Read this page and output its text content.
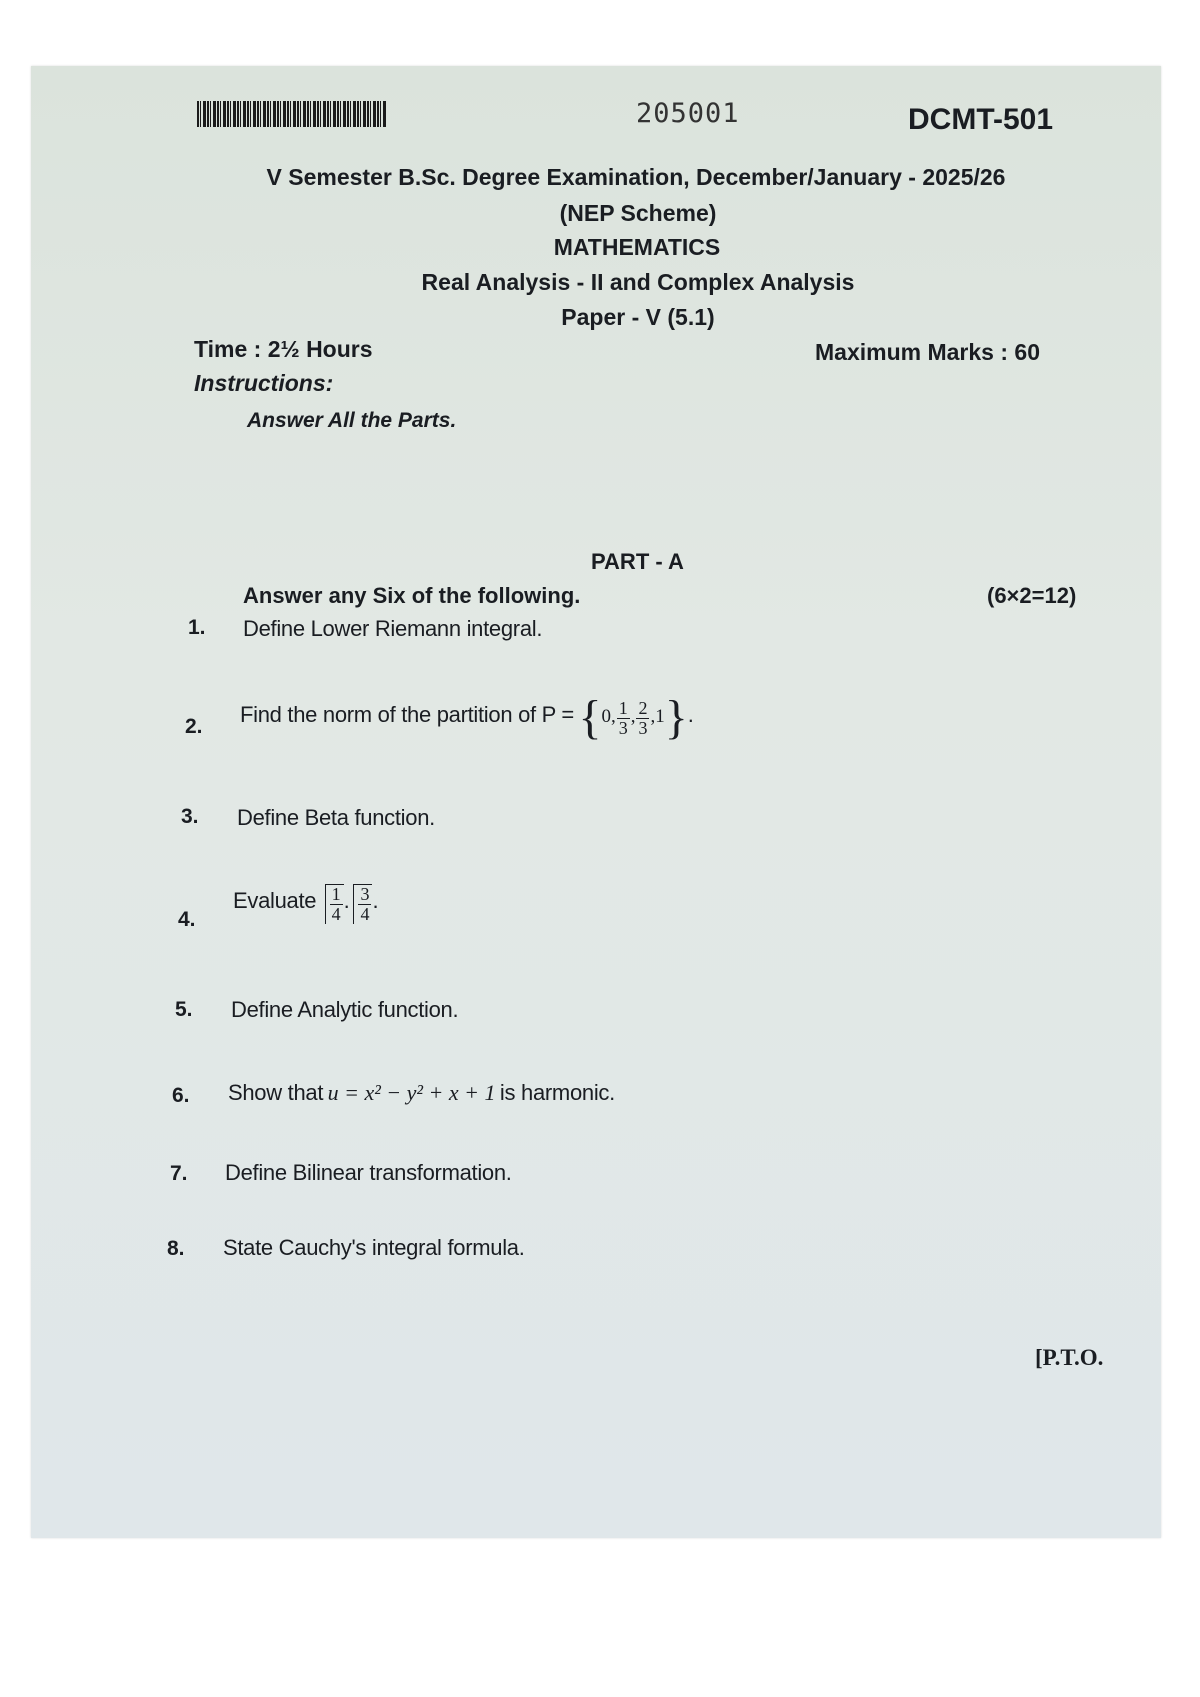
205001	DCMT-501
V Semester B.Sc. Degree Examination, December/January - 2025/26
(NEP Scheme)
MATHEMATICS
Real Analysis - II and Complex Analysis
Paper - V (5.1)
Time : 2½ Hours	Maximum Marks : 60
Instructions:
Answer All the Parts.
PART - A
Answer any Six of the following.	(6×2=12)
1. Define Lower Riemann integral.
2. Find the norm of the partition of P = {0, $\frac{1}{3}$ , $\frac{2}{3} ,1$}.
3. Define Beta function.
4.
Evaluate $\frac{1}{4}$ . $\frac{3}{4}$ .
5. Define Analytic function.
6. Show that u = x² − y² + x + 1 is harmonic.
7. Define Bilinear transformation.
8. State Cauchy's integral formula.
[P.T.O.
